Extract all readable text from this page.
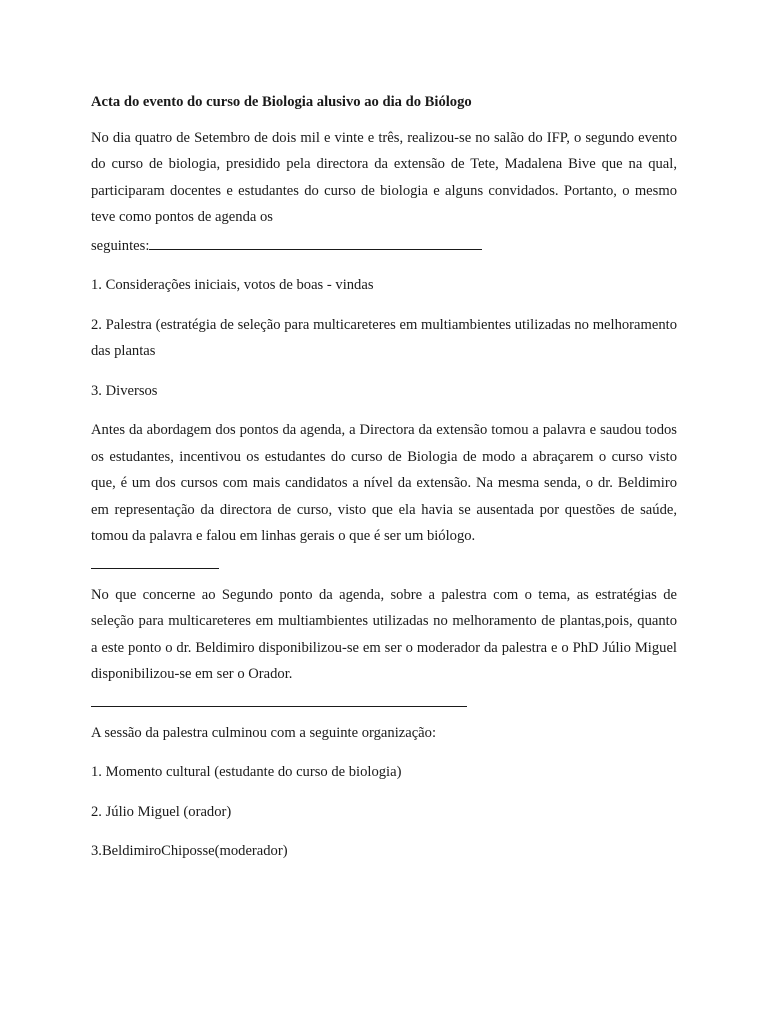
Acta do evento do curso de Biologia alusivo ao dia do Biólogo

No dia quatro de Setembro de dois mil e vinte e três, realizou-se no salão do IFP, o segundo evento do curso de biologia, presidido pela directora da extensão de Tete, Madalena Bive que na qual, participaram docentes e estudantes do curso de biologia e alguns convidados. Portanto, o mesmo teve como pontos de agenda os
seguintes:

1. Considerações iniciais, votos de boas - vindas

2. Palestra (estratégia de seleção para multicareteres em multiambientes utilizadas no melhoramento das plantas

3. Diversos

Antes da abordagem dos pontos da agenda, a Directora da extensão tomou a palavra e saudou todos os estudantes, incentivou os estudantes do curso de Biologia de modo a abraçarem o curso visto que, é um dos cursos com mais candidatos a nível da extensão. Na mesma senda, o dr. Beldimiro em representação da directora de curso, visto que ela havia se ausentada por questões de saúde, tomou da palavra e falou em linhas gerais o que é ser um biólogo.
No que concerne ao Segundo ponto da agenda, sobre a palestra com o tema, as estratégias de seleção para multicareteres em multiambientes utilizadas no melhoramento de plantas,pois, quanto a este ponto o dr. Beldimiro disponibilizou-se em ser o moderador da palestra e o PhD Júlio Miguel disponibilizou-se em ser o Orador.

A sessão da palestra culminou com a seguinte organização:

1. Momento cultural (estudante do curso de biologia)

2. Júlio Miguel (orador)

3.BeldimiroChiposse(moderador)
